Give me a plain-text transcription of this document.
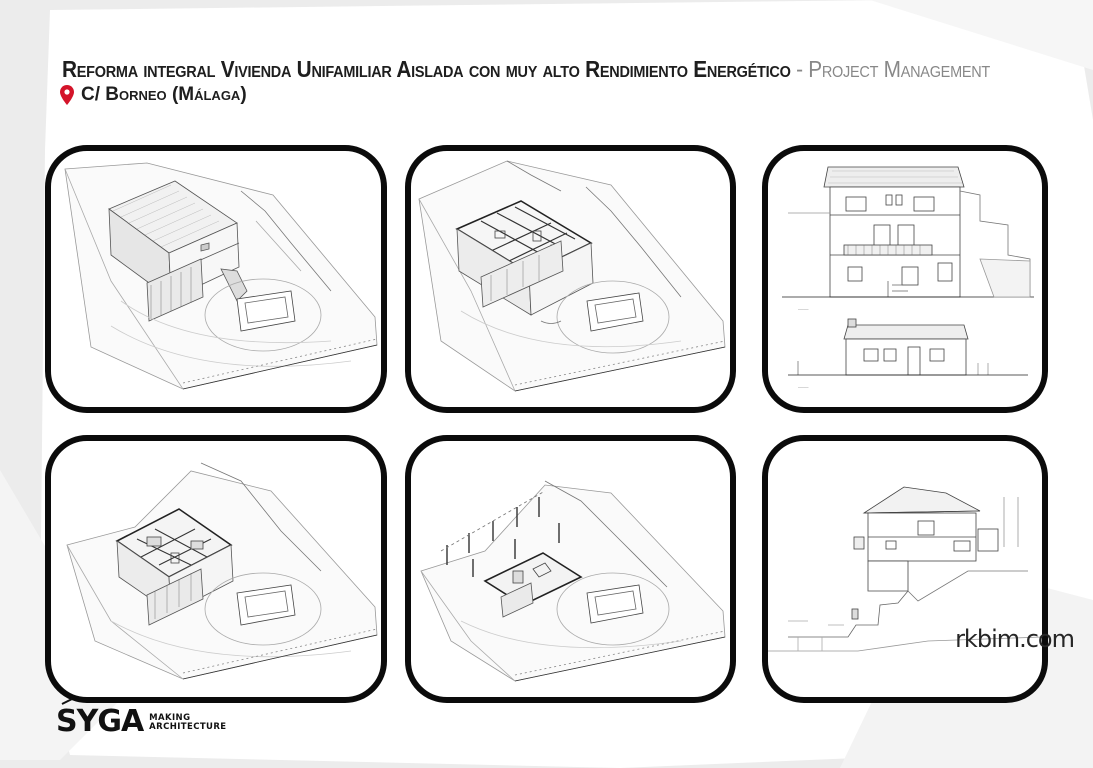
Reforma integral Vivienda Unifamiliar Aislada con muy alto Rendimiento Energético - Project Management
C/ Borneo (Málaga)
______
______
rkbim.com
SYGA MAKING
ARCHITECTURE
